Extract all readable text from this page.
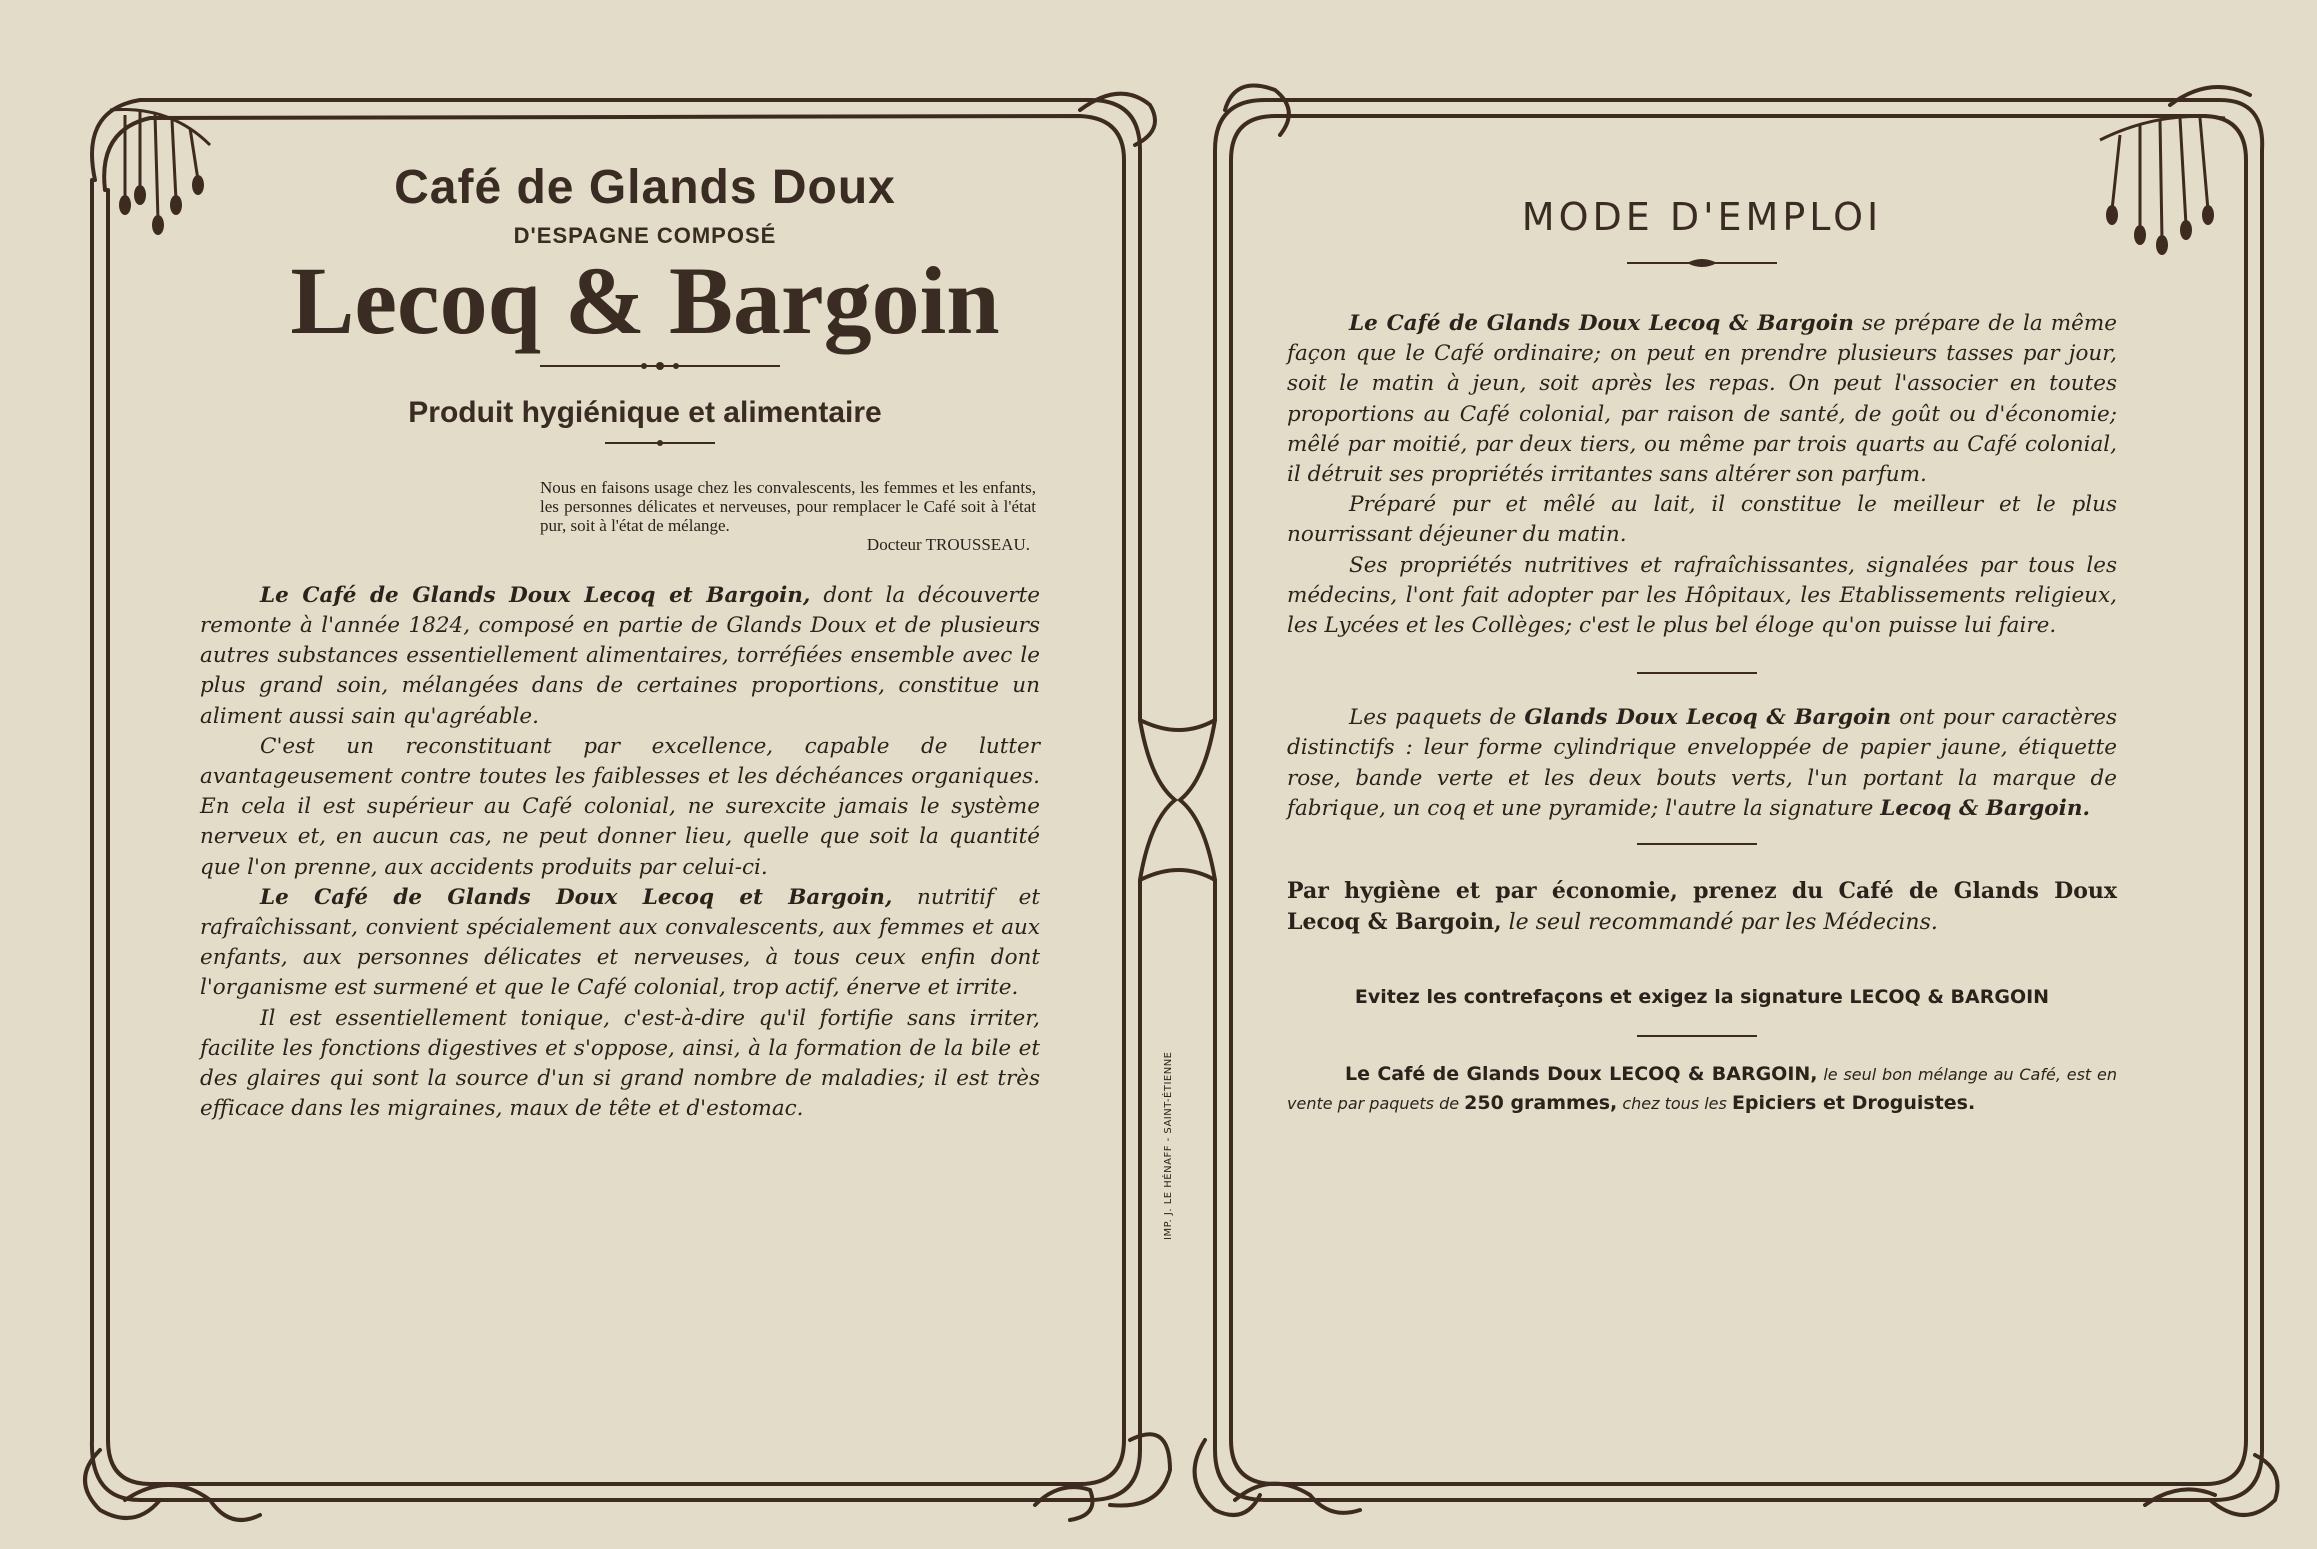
Café de Glands Doux
D'ESPAGNE COMPOSÉ
Lecoq & Bargoin
Produit hygiénique et alimentaire
Nous en faisons usage chez les convalescents, les femmes et les enfants, les personnes délicates et nerveuses, pour remplacer le Café soit à l'état pur, soit à l'état de mélange.
Docteur TROUSSEAU.

Le Café de Glands Doux Lecoq et Bargoin, dont la découverte remonte à l'année 1824, composé en partie de Glands Doux et de plusieurs autres substances essentiellement alimentaires, torréfiées ensemble avec le plus grand soin, mélangées dans de certaines proportions, constitue un aliment aussi sain qu'agréable.

C'est un reconstituant par excellence, capable de lutter avantageusement contre toutes les faiblesses et les déchéances organiques. En cela il est supérieur au Café colonial, ne surexcite jamais le système nerveux et, en aucun cas, ne peut donner lieu, quelle que soit la quantité que l'on prenne, aux accidents produits par celui-ci.

Le Café de Glands Doux Lecoq et Bargoin, nutritif et rafraîchissant, convient spécialement aux convalescents, aux femmes et aux enfants, aux personnes délicates et nerveuses, à tous ceux enfin dont l'organisme est surmené et que le Café colonial, trop actif, énerve et irrite.

Il est essentiellement tonique, c'est-à-dire qu'il fortifie sans irriter, facilite les fonctions digestives et s'oppose, ainsi, à la formation de la bile et des glaires qui sont la source d'un si grand nombre de maladies; il est très efficace dans les migraines, maux de tête et d'estomac.	IMP. J. LE HÉNAFF - SAINT-ÉTIENNE
MODE D'EMPLOI

Le Café de Glands Doux Lecoq & Bargoin se prépare de la même façon que le Café ordinaire; on peut en prendre plusieurs tasses par jour, soit le matin à jeun, soit après les repas. On peut l'associer en toutes proportions au Café colonial, par raison de santé, de goût ou d'économie; mêlé par moitié, par deux tiers, ou même par trois quarts au Café colonial, il détruit ses propriétés irritantes sans altérer son parfum.

Préparé pur et mêlé au lait, il constitue le meilleur et le plus nourrissant déjeuner du matin.

Ses propriétés nutritives et rafraîchissantes, signalées par tous les médecins, l'ont fait adopter par les Hôpitaux, les Etablissements religieux, les Lycées et les Collèges; c'est le plus bel éloge qu'on puisse lui faire.

Les paquets de Glands Doux Lecoq & Bargoin ont pour caractères distinctifs : leur forme cylindrique enveloppée de papier jaune, étiquette rose, bande verte et les deux bouts verts, l'un portant la marque de fabrique, un coq et une pyramide; l'autre la signature Lecoq & Bargoin.

Par hygiène et par économie, prenez du Café de Glands Doux Lecoq & Bargoin, le seul recommandé par les Médecins.
Evitez les contrefaçons et exigez la signature LECOQ & BARGOIN
Le Café de Glands Doux LECOQ & BARGOIN, le seul bon mélange au Café, est en vente par paquets de 250 grammes, chez tous les Epiciers et Droguistes.
